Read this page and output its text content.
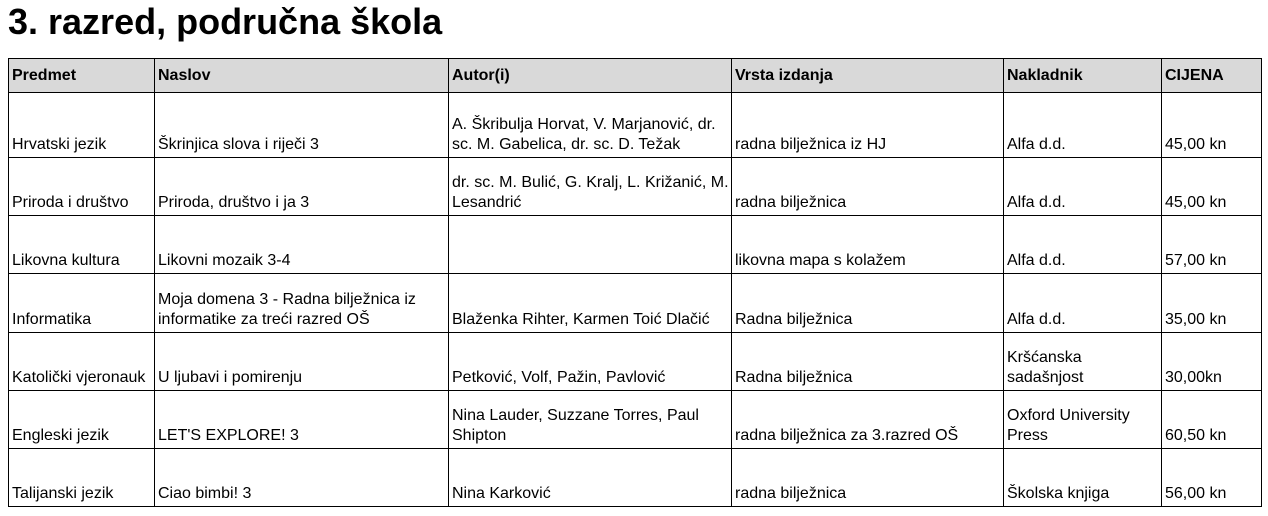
3. razred, područna škola
Predmet	Naslov	Autor(i)	Vrsta izdanja	Nakladnik	CIJENA
Hrvatski jezik	Škrinjica slova i riječi 3	A. Škribulja Horvat, V. Marjanović, dr. sc. M. Gabelica, dr. sc. D. Težak	radna bilježnica iz HJ	Alfa d.d.	45,00 kn
Priroda i društvo	Priroda, društvo i ja 3	dr. sc. M. Bulić, G. Kralj, L. Križanić, M. Lesandrić	radna bilježnica	Alfa d.d.	45,00 kn
Likovna kultura	Likovni mozaik 3-4		likovna mapa s kolažem	Alfa d.d.	57,00 kn
Informatika	Moja domena 3 - Radna bilježnica iz informatike za treći razred OŠ	Blaženka Rihter, Karmen Toić Dlačić	Radna bilježnica	Alfa d.d.	35,00 kn
Katolički vjeronauk	U ljubavi i pomirenju	Petković, Volf, Pažin, Pavlović	Radna bilježnica	Kršćanska sadašnjost	30,00kn
Engleski jezik	LET'S EXPLORE! 3	Nina Lauder, Suzzane Torres, Paul Shipton	radna bilježnica za 3.razred OŠ	Oxford University Press	60,50 kn
Talijanski jezik	Ciao bimbi! 3	Nina Karković	radna bilježnica	Školska knjiga	56,00 kn
